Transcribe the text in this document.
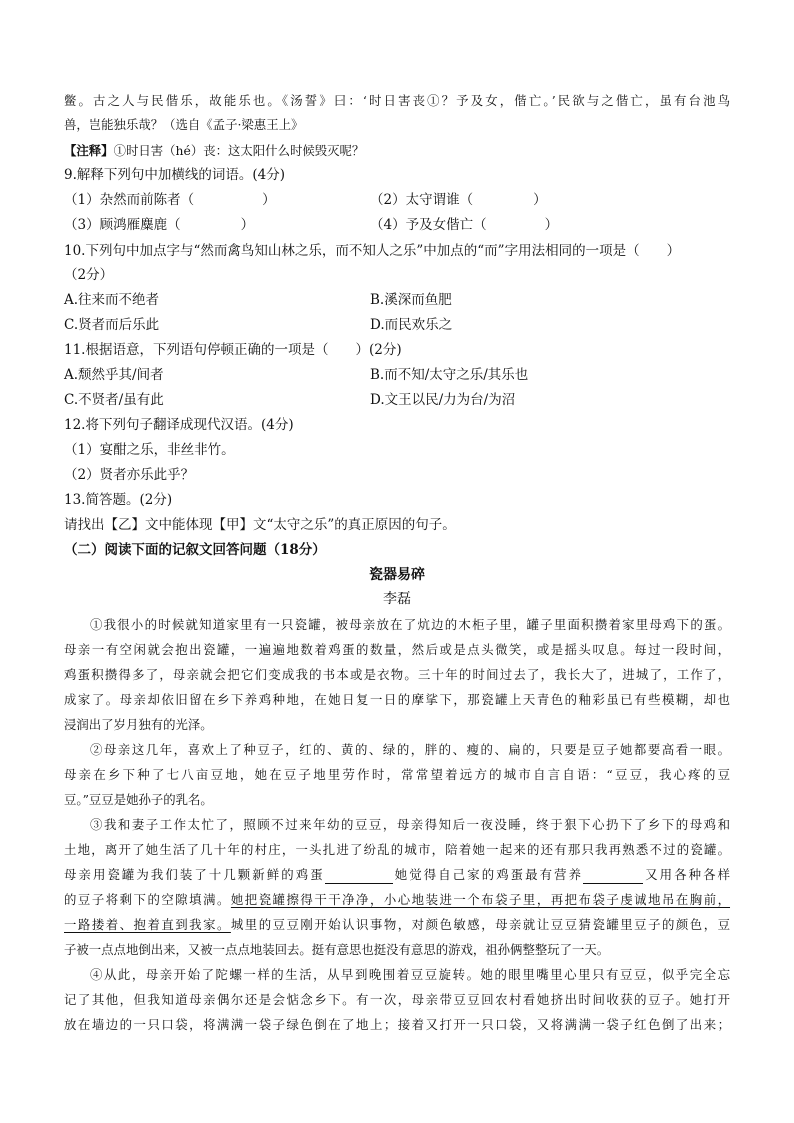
鳖。古之人与民偕乐，故能乐也。《汤誓》曰：‘时日害丧①？予及女，偕亡。’民欲与之偕亡，虽有台池鸟
兽，岂能独乐哉？（选自《孟子·梁惠王上》
【注释】①时日害（hé）丧：这太阳什么时候毁灭呢？
9.解释下列句中加横线的词语。(4分)
（1）杂然而前陈者（	）	（2）太守谓谁（	）
（3）顾鸿雁麋鹿（	）	（4）予及女偕亡（	）
10.下列句中加点字与“然而禽鸟知山林之乐，而不知人之乐”中加点的“而”字用法相同的一项是（　　）
（2分）
A.往来而不绝者	B.溪深而鱼肥
C.贤者而后乐此	D.而民欢乐之
11.根据语意，下列语句停顿正确的一项是（　　）(2分)
A.颓然乎其/间者	B.而不知/太守之乐/其乐也
C.不贤者/虽有此	D.文王以民/力为台/为沼
12.将下列句子翻译成现代汉语。(4分)
（1）宴酣之乐，非丝非竹。
（2）贤者亦乐此乎？
13.简答题。(2分)
请找出【乙】文中能体现【甲】文“太守之乐”的真正原因的句子。
（二）阅读下面的记叙文回答问题（18分）
瓷器易碎
李磊
①我很小的时候就知道家里有一只瓷罐，被母亲放在了炕边的木柜子里，罐子里面积攒着家里母鸡下的蛋。
母亲一有空闲就会抱出瓷罐，一遍遍地数着鸡蛋的数量，然后或是点头微笑，或是摇头叹息。每过一段时间，
鸡蛋积攒得多了，母亲就会把它们变成我的书本或是衣物。三十年的时间过去了，我长大了，进城了，工作了，
成家了。母亲却依旧留在乡下养鸡种地，在她日复一日的摩挲下，那瓷罐上天青色的釉彩虽已有些模糊，却也
浸润出了岁月独有的光泽。
②母亲这几年，喜欢上了种豆子，红的、黄的、绿的，胖的、瘦的、扁的，只要是豆子她都要高看一眼。
母亲在乡下种了七八亩豆地，她在豆子地里劳作时，常常望着远方的城市自言自语：“豆豆，我心疼的豆
豆。”豆豆是她孙子的乳名。
③我和妻子工作太忙了，照顾不过来年幼的豆豆，母亲得知后一夜没睡，终于狠下心扔下了乡下的母鸡和
土地，离开了她生活了几十年的村庄，一头扎进了纷乱的城市，陪着她一起来的还有那只我再熟悉不过的瓷罐。
母亲用瓷罐为我们装了十几颗新鲜的鸡蛋	她觉得自己家的鸡蛋最有营养	又用各种各样
的豆子将剩下的空隙填满。她把瓷罐擦得干干净净，小心地装进一个布袋子里，再把布袋子虔诚地吊在胸前，
一路搂着、抱着直到我家。城里的豆豆刚开始认识事物，对颜色敏感，母亲就让豆豆猜瓷罐里豆子的颜色，豆
子被一点点地倒出来，又被一点点地装回去。挺有意思也挺没有意思的游戏，祖孙俩整整玩了一天。
④从此，母亲开始了陀螺一样的生活，从早到晚围着豆豆旋转。她的眼里嘴里心里只有豆豆，似乎完全忘
记了其他，但我知道母亲偶尔还是会惦念乡下。有一次，母亲带豆豆回农村看她挤出时间收获的豆子。她打开
放在墙边的一只口袋，将满满一袋子绿色倒在了地上；接着又打开一只口袋，又将满满一袋子红色倒了出来；
